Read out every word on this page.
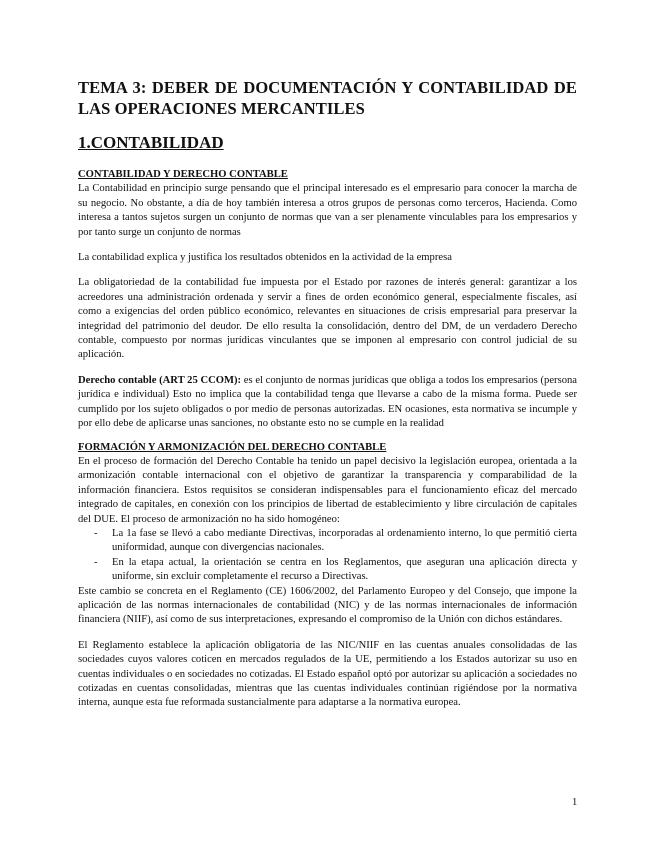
TEMA 3: DEBER DE DOCUMENTACIÓN Y CONTABILIDAD DE LAS OPERACIONES MERCANTILES
1.CONTABILIDAD
CONTABILIDAD Y DERECHO CONTABLE

La Contabilidad en principio surge pensando que el principal interesado es el empresario para conocer la marcha de su negocio. No obstante, a día de hoy también interesa a otros grupos de personas como terceros, Hacienda. Como interesa a tantos sujetos surgen un conjunto de normas que van a ser plenamente vinculables para los empresarios y por tanto surge un conjunto de normas

La contabilidad explica y justifica los resultados obtenidos en la actividad de la empresa

La obligatoriedad de la contabilidad fue impuesta por el Estado por razones de interés general: garantizar a los acreedores una administración ordenada y servir a fines de orden económico general, especialmente fiscales, así como a exigencias del orden público económico, relevantes en situaciones de crisis empresarial para preservar la integridad del patrimonio del deudor. De ello resulta la consolidación, dentro del DM, de un verdadero Derecho contable, compuesto por normas jurídicas vinculantes que se imponen al empresario con control judicial de su aplicación.

Derecho contable (ART 25 CCOM): es el conjunto de normas jurídicas que obliga a todos los empresarios (persona jurídica e individual) Esto no implica que la contabilidad tenga que llevarse a cabo de la misma forma. Puede ser cumplido por los sujeto obligados o por medio de personas autorizadas. EN ocasiones, esta normativa se incumple y por ello debe de aplicarse unas sanciones, no obstante esto no se cumple en la realidad

FORMACIÓN Y ARMONIZACIÓN DEL DERECHO CONTABLE

En el proceso de formación del Derecho Contable ha tenido un papel decisivo la legislación europea, orientada a la armonización contable internacional con el objetivo de garantizar la transparencia y comparabilidad de la información financiera. Estos requisitos se consideran indispensables para el funcionamiento eficaz del mercado integrado de capitales, en conexión con los principios de libertad de establecimiento y libre circulación de capitales del DUE. El proceso de armonización no ha sido homogéneo:

- La 1a fase se llevó a cabo mediante Directivas, incorporadas al ordenamiento interno, lo que permitió cierta uniformidad, aunque con divergencias nacionales.
- En la etapa actual, la orientación se centra en los Reglamentos, que aseguran una aplicación directa y uniforme, sin excluir completamente el recurso a Directivas.

Este cambio se concreta en el Reglamento (CE) 1606/2002, del Parlamento Europeo y del Consejo, que impone la aplicación de las normas internacionales de contabilidad (NIC) y de las normas internacionales de información financiera (NIIF), así como de sus interpretaciones, expresando el compromiso de la Unión con dichos estándares.

El Reglamento establece la aplicación obligatoria de las NIC/NIIF en las cuentas anuales consolidadas de las sociedades cuyos valores coticen en mercados regulados de la UE, permitiendo a los Estados autorizar su uso en cuentas individuales o en sociedades no cotizadas. El Estado español optó por autorizar su aplicación a sociedades no cotizadas en cuentas consolidadas, mientras que las cuentas individuales continúan rigiéndose por la normativa interna, aunque esta fue reformada sustancialmente para adaptarse a la normativa europea.

1
